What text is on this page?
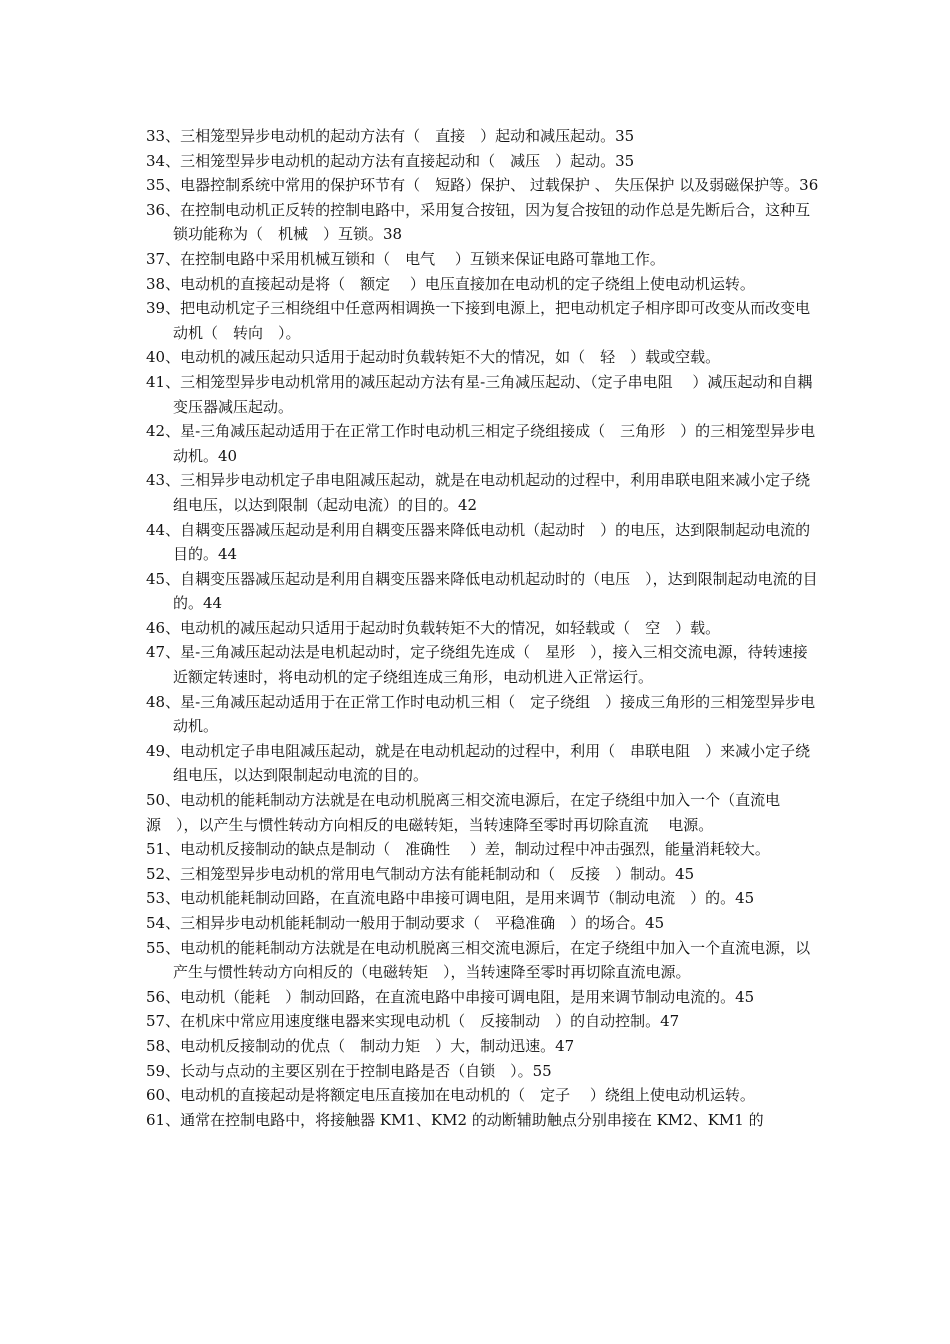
33、三相笼型异步电动机的起动方法有（　直接　）起动和减压起动。35

34、三相笼型异步电动机的起动方法有直接起动和（　减压　）起动。35

35、电器控制系统中常用的保护环节有（　短路）保护、 过载保护 、 失压保护 以及弱磁保护等。36

36、在控制电动机正反转的控制电路中，采用复合按钮，因为复合按钮的动作总是先断后合，这种互锁功能称为（　机械　）互锁。38

37、在控制电路中采用机械互锁和（　电气　 ）互锁来保证电路可靠地工作。

38、电动机的直接起动是将（　额定　 ）电压直接加在电动机的定子绕组上使电动机运转。

39、把电动机定子三相绕组中任意两相调换一下接到电源上，把电动机定子相序即可改变从而改变电动机（　转向　）。

40、电动机的减压起动只适用于起动时负载转矩不大的情况，如（　轻　）载或空载。

41、三相笼型异步电动机常用的减压起动方法有星-三角减压起动、（定子串电阻　 ）减压起动和自耦变压器减压起动。

42、星-三角减压起动适用于在正常工作时电动机三相定子绕组接成（　三角形　）的三相笼型异步电动机。40

43、三相异步电动机定子串电阻减压起动，就是在电动机起动的过程中，利用串联电阻来减小定子绕组电压，以达到限制（起动电流）的目的。42

44、自耦变压器减压起动是利用自耦变压器来降低电动机（起动时　）的电压，达到限制起动电流的目的。44

45、自耦变压器减压起动是利用自耦变压器来降低电动机起动时的（电压　），达到限制起动电流的目的。44

46、电动机的减压起动只适用于起动时负载转矩不大的情况，如轻载或（　空　）载。

47、星-三角减压起动法是电机起动时，定子绕组先连成（　星形　），接入三相交流电源，待转速接近额定转速时，将电动机的定子绕组连成三角形，电动机进入正常运行。

48、星-三角减压起动适用于在正常工作时电动机三相（　定子绕组　）接成三角形的三相笼型异步电动机。

49、电动机定子串电阻减压起动，就是在电动机起动的过程中，利用（　串联电阻　）来减小定子绕组电压，以达到限制起动电流的目的。

50、电动机的能耗制动方法就是在电动机脱离三相交流电源后，在定子绕组中加入一个（直流电源　），以产生与惯性转动方向相反的电磁转矩，当转速降至零时再切除直流　 电源。

51、电动机反接制动的缺点是制动（　准确性　 ）差，制动过程中冲击强烈，能量消耗较大。

52、三相笼型异步电动机的常用电气制动方法有能耗制动和（　反接　）制动。45

53、电动机能耗制动回路，在直流电路中串接可调电阻，是用来调节（制动电流　）的。45

54、三相异步电动机能耗制动一般用于制动要求（　平稳准确　）的场合。45

55、电动机的能耗制动方法就是在电动机脱离三相交流电源后，在定子绕组中加入一个直流电源，以产生与惯性转动方向相反的（电磁转矩　），当转速降至零时再切除直流电源。

56、电动机（能耗　）制动回路，在直流电路中串接可调电阻，是用来调节制动电流的。45

57、在机床中常应用速度继电器来实现电动机（　反接制动　）的自动控制。47

58、电动机反接制动的优点（　制动力矩　）大，制动迅速。47

59、长动与点动的主要区别在于控制电路是否（自锁　）。55

60、电动机的直接起动是将额定电压直接加在电动机的（　定子　 ）绕组上使电动机运转。

61、通常在控制电路中，将接触器 KM1、KM2 的动断辅助触点分别串接在 KM2、KM1 的
